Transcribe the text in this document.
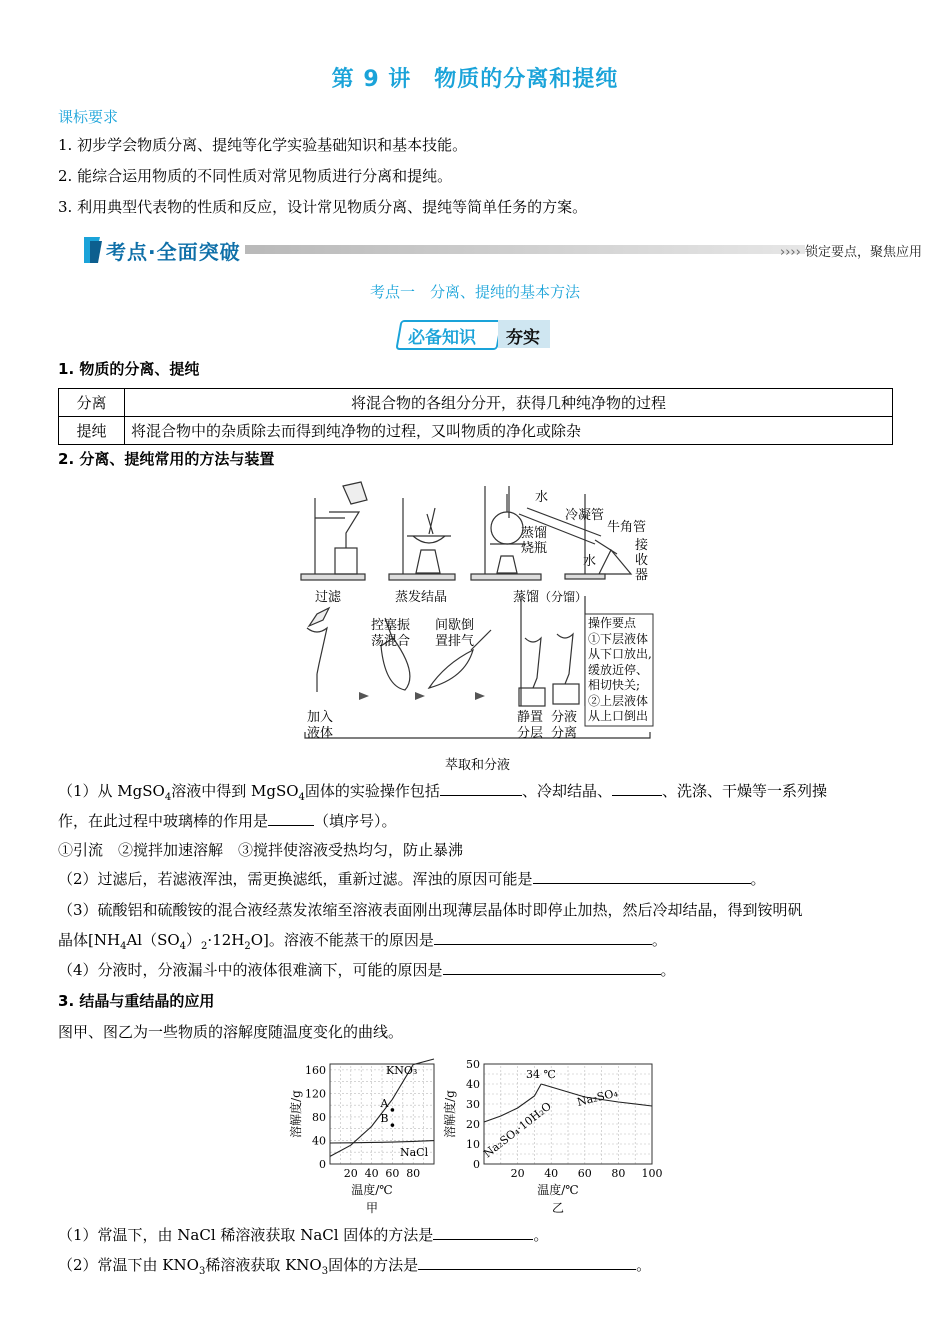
第 9 讲　物质的分离和提纯
课标要求
1. 初步学会物质分离、提纯等化学实验基础知识和基本技能。
2. 能综合运用物质的不同性质对常见物质进行分离和提纯。
3. 利用典型代表物的性质和反应，设计常见物质分离、提纯等简单任务的方案。
考点·全面突破	›››› 锁定要点，聚焦应用
考点一　分离、提纯的基本方法
必备知识 夯实
1. 物质的分离、提纯
分离	将混合物的各组分分开，获得几种纯净物的过程
提纯	将混合物中的杂质除去而得到纯净物的过程，又叫物质的净化或除杂
2. 分离、提纯常用的方法与装置
过滤	蒸发结晶	蒸馏（分馏）
水
水
冷凝管
牛角管
蒸馏
烧瓶	接
收
器
控塞振
荡混合
间歇倒
置排气
加入
液体
静置
分层
分液
分离
操作要点
①下层液体
从下口放出,
缓放近停、
相切快关;
②上层液体
从上口倒出
萃取和分液
（1）从 MgSO$_4$溶液中得到 MgSO$_4$固体的实验操作包括	、冷却结晶、	、洗涤、干燥等一系列操
作，在此过程中玻璃棒的作用是	（填序号）。
①引流　②搅拌加速溶解　③搅拌使溶液受热均匀，防止暴沸
（2）过滤后，若滤液浑浊，需更换滤纸，重新过滤。浑浊的原因可能是	。
（3）硫酸铝和硫酸铵的混合液经蒸发浓缩至溶液表面刚出现薄层晶体时即停止加热，然后冷却结晶，得到铵明矾
晶体$[NH_4Al(SO_4)_2\cdot 12H_2O]$。溶液不能蒸干的原因是	。
（4）分液时，分液漏斗中的液体很难滴下，可能的原因是	。
3. 结晶与重结晶的应用
图甲、图乙为一些物质的溶解度随温度变化的曲线。
20 40 60 80
0
40
80
120
160
温度/℃
溶解度/g
甲
KNO₃
NaCl
A
B
20 40 60 80 100
0
10
20
30
40
50
温度/℃
溶解度/g
乙
Na₂SO₄·10H₂O
Na₂SO₄
34 ℃
（1）常温下，由 NaCl 稀溶液获取 NaCl 固体的方法是	。
（2）常温下由 $KNO_3$稀溶液获取 $KNO_3$固体的方法是	。
